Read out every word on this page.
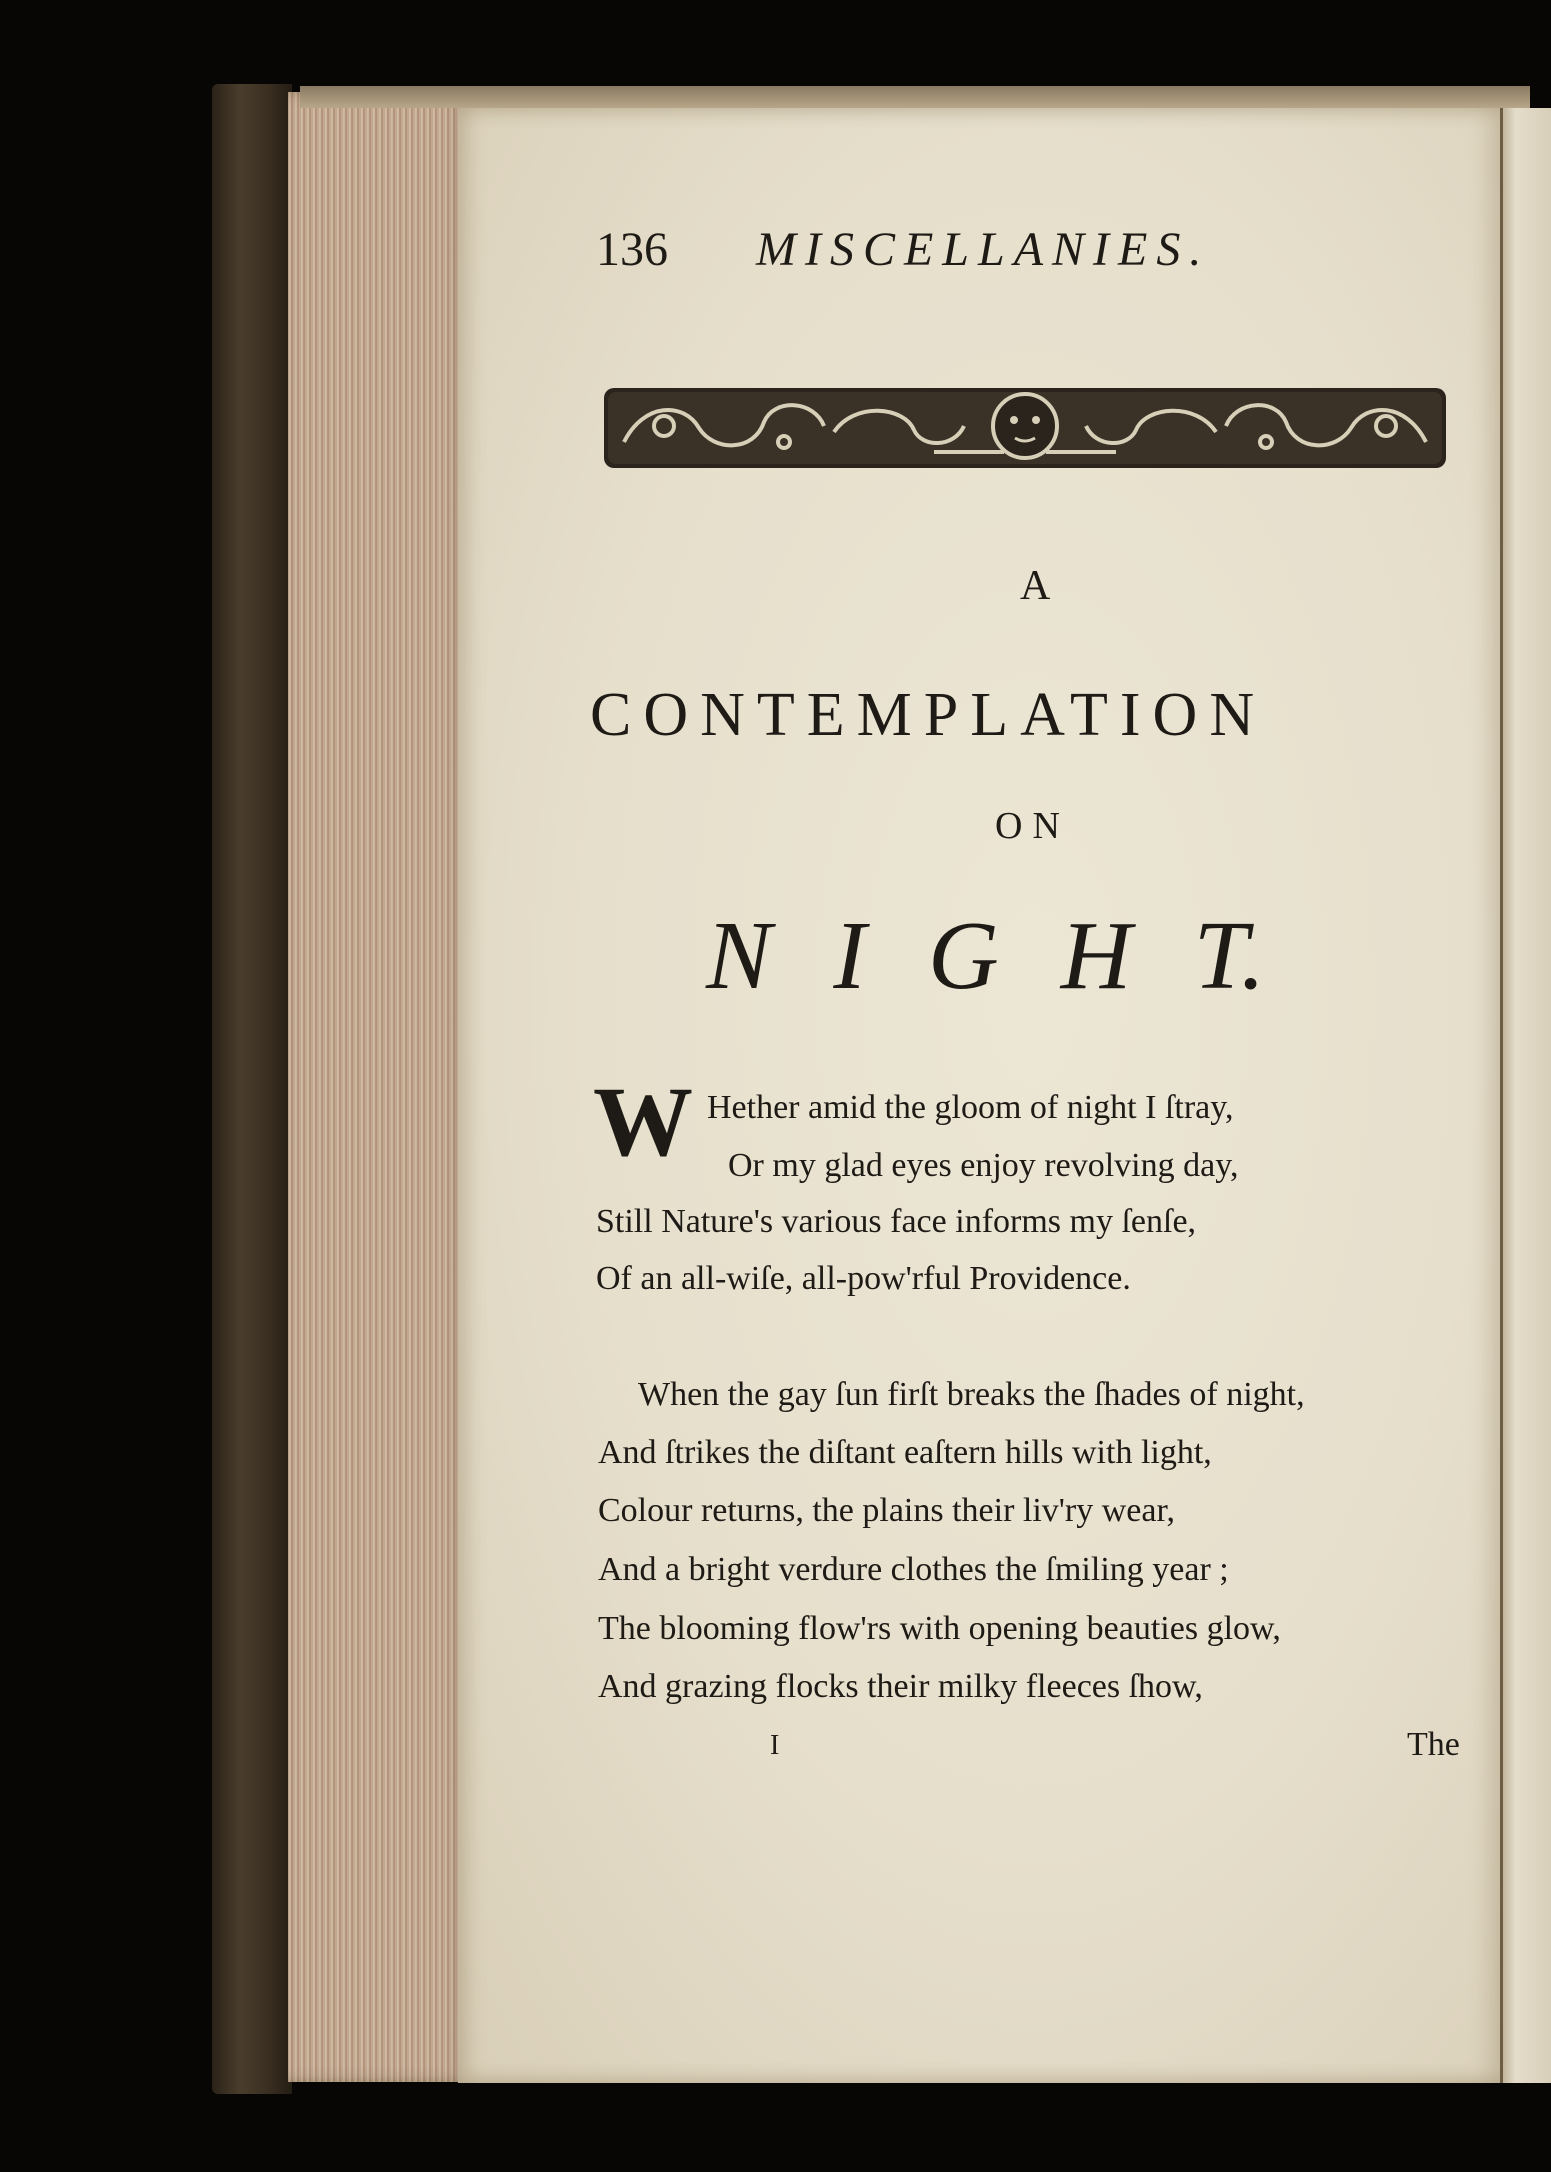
136 MISCELLANIES.
A
CONTEMPLATION
ON
N I G H T.
W Hether amid the gloom of night I ſtray,
Or my glad eyes enjoy revolving day,
Still Nature's various face informs my ſenſe,
Of an all-wiſe, all-pow'rful Providence.
When the gay ſun firſt breaks the ſhades of night,
And ſtrikes the diſtant eaſtern hills with light,
Colour returns, the plains their liv'ry wear,
And a bright verdure clothes the ſmiling year ;
The blooming flow'rs with opening beauties glow,
And grazing flocks their milky fleeces ſhow,
I	The
